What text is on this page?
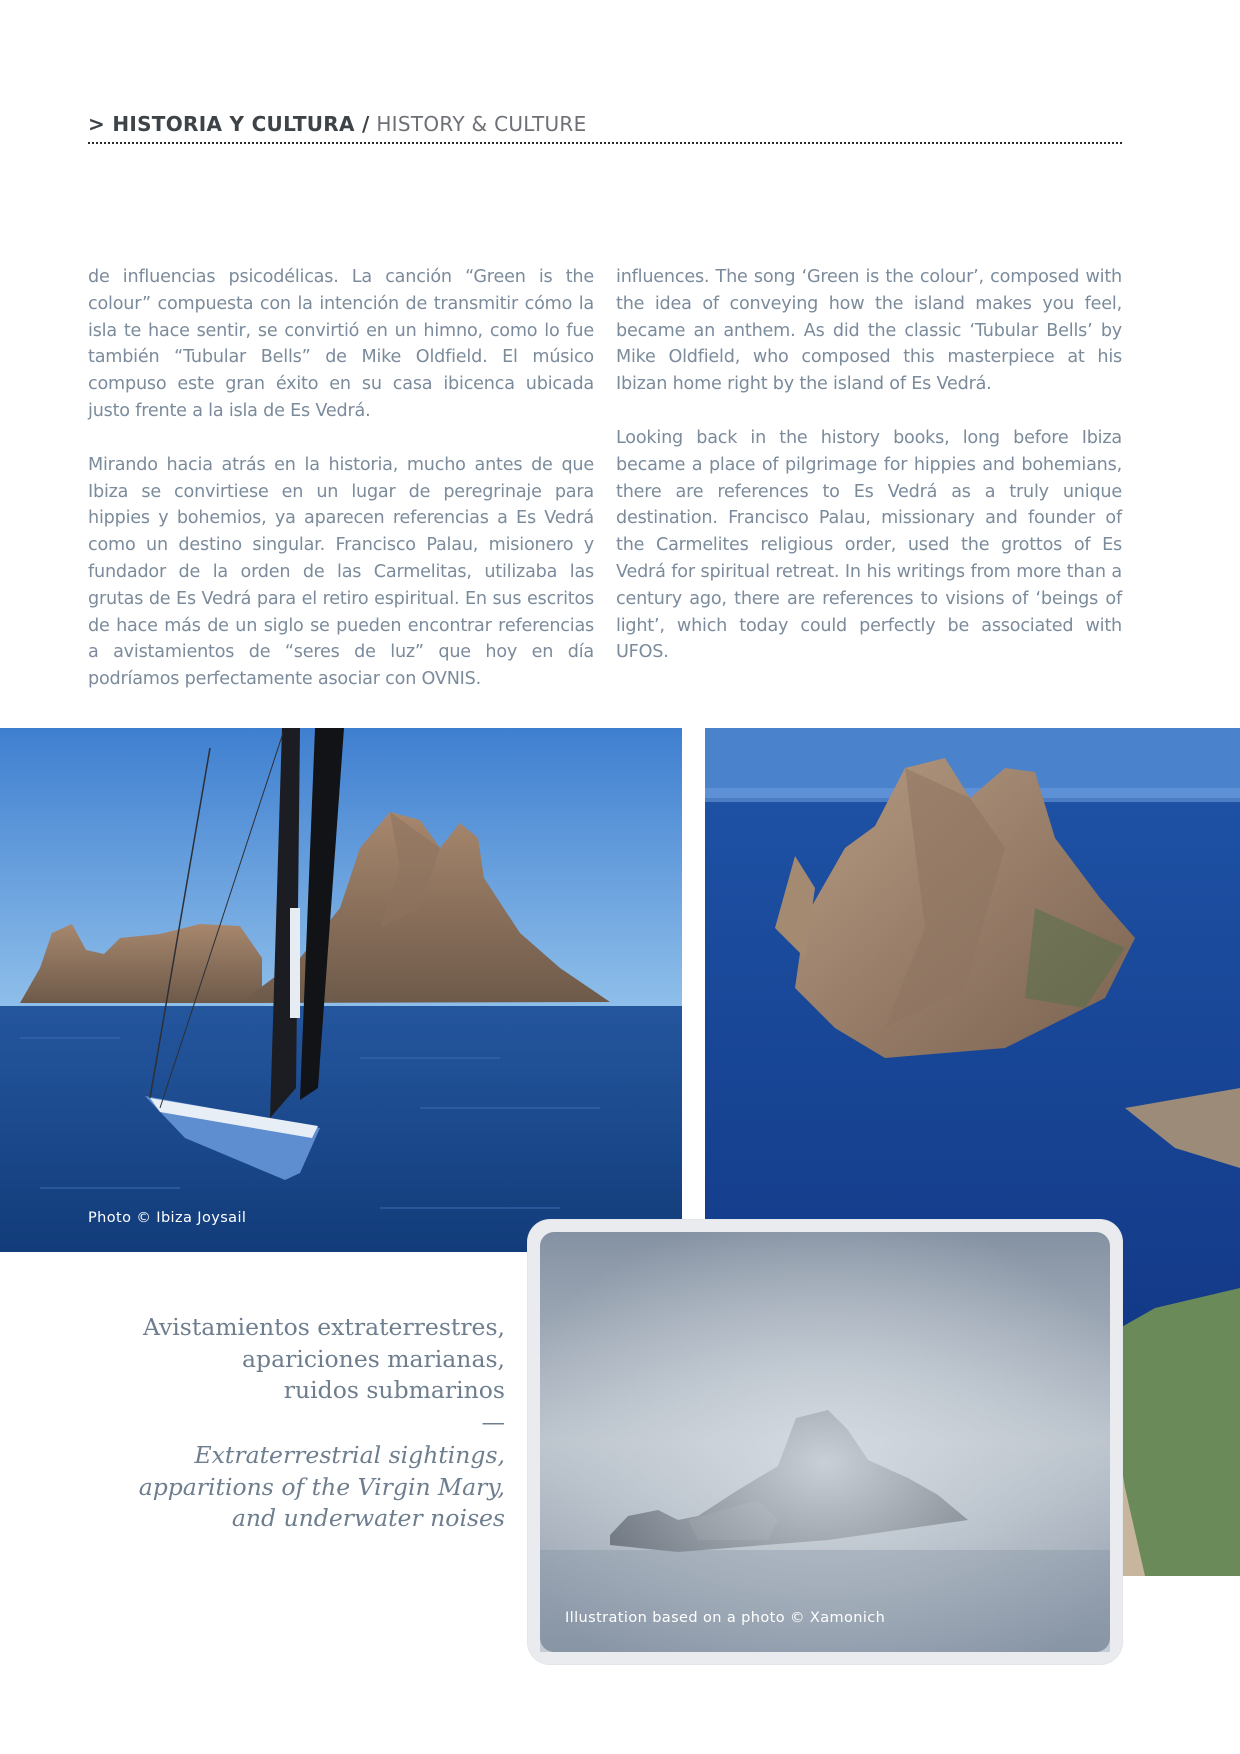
> HISTORIA Y CULTURA / HISTORY & CULTURE

de influencias psicodélicas. La canción “Green is the colour” compuesta con la intención de transmitir cómo la isla te hace sentir, se convirtió en un himno, como lo fue también “Tubular Bells” de Mike Oldfield. El músico compuso este gran éxito en su casa ibicenca ubicada justo frente a la isla de Es Vedrá.

Mirando hacia atrás en la historia, mucho antes de que Ibiza se convirtiese en un lugar de peregrinaje para hippies y bohemios, ya aparecen referencias a Es Vedrá como un destino singular. Francisco Palau, misionero y fundador de la orden de las Carmelitas, utilizaba las grutas de Es Vedrá para el retiro espiritual. En sus escritos de hace más de un siglo se pueden encontrar referencias a avistamientos de “seres de luz” que hoy en día podríamos perfectamente asociar con OVNIS.

influences. The song ‘Green is the colour’, composed with the idea of conveying how the island makes you feel, became an anthem. As did the classic ‘Tubular Bells’ by Mike Oldfield, who composed this masterpiece at his Ibizan home right by the island of Es Vedrá.

Looking back in the history books, long before Ibiza became a place of pilgrimage for hippies and bohemians, there are references to Es Vedrá as a truly unique destination. Francisco Palau, missionary and founder of the Carmelites religious order, used the grottos of Es Vedrá for spiritual retreat. In his writings from more than a century ago, there are references to visions of ‘beings of light’, which today could perfectly be associated with UFOS.

Photo © Ibiza Joysail
Illustration based on a photo © Xamonich
Avistamientos extraterrestres,
apariciones marianas,
ruidos submarinos
—
Extraterrestrial sightings,
apparitions of the Virgin Mary,
and underwater noises
